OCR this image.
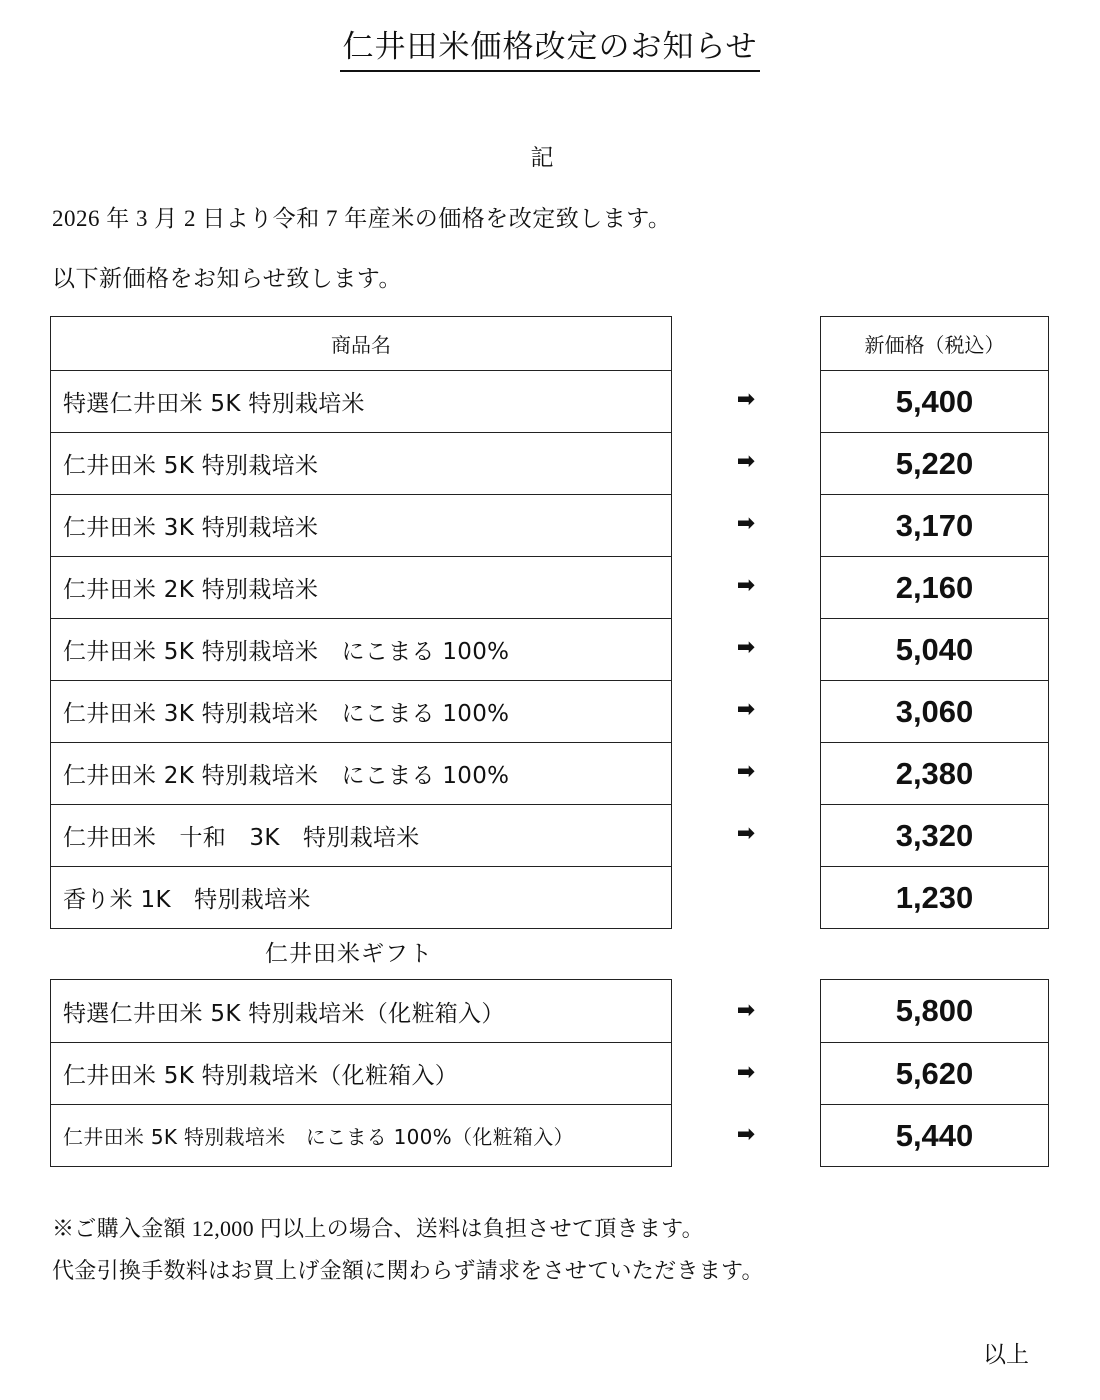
仁井田米価格改定のお知らせ
記
2026 年 3 月 2 日より令和 7 年産米の価格を改定致します。
以下新価格をお知らせ致します。
商品名
特選仁井田米 5K 特別栽培米
仁井田米 5K 特別栽培米
仁井田米 3K 特別栽培米
仁井田米 2K 特別栽培米
仁井田米 5K 特別栽培米　にこまる 100%
仁井田米 3K 特別栽培米　にこまる 100%
仁井田米 2K 特別栽培米　にこまる 100%
仁井田米　十和　3K　特別栽培米
香り米 1K　特別栽培米
➡
➡
➡
➡
➡
➡
➡
➡
新価格（税込）
5,400
5,220
3,170
2,160
5,040
3,060
2,380
3,320
1,230
仁井田米ギフト
特選仁井田米 5K 特別栽培米（化粧箱入）
仁井田米 5K 特別栽培米（化粧箱入）
仁井田米 5K 特別栽培米　にこまる 100%（化粧箱入）
➡
➡
➡
5,800
5,620
5,440
※ご購入金額 12,000 円以上の場合、送料は負担させて頂きます。
代金引換手数料はお買上げ金額に関わらず請求をさせていただきます。
以上
